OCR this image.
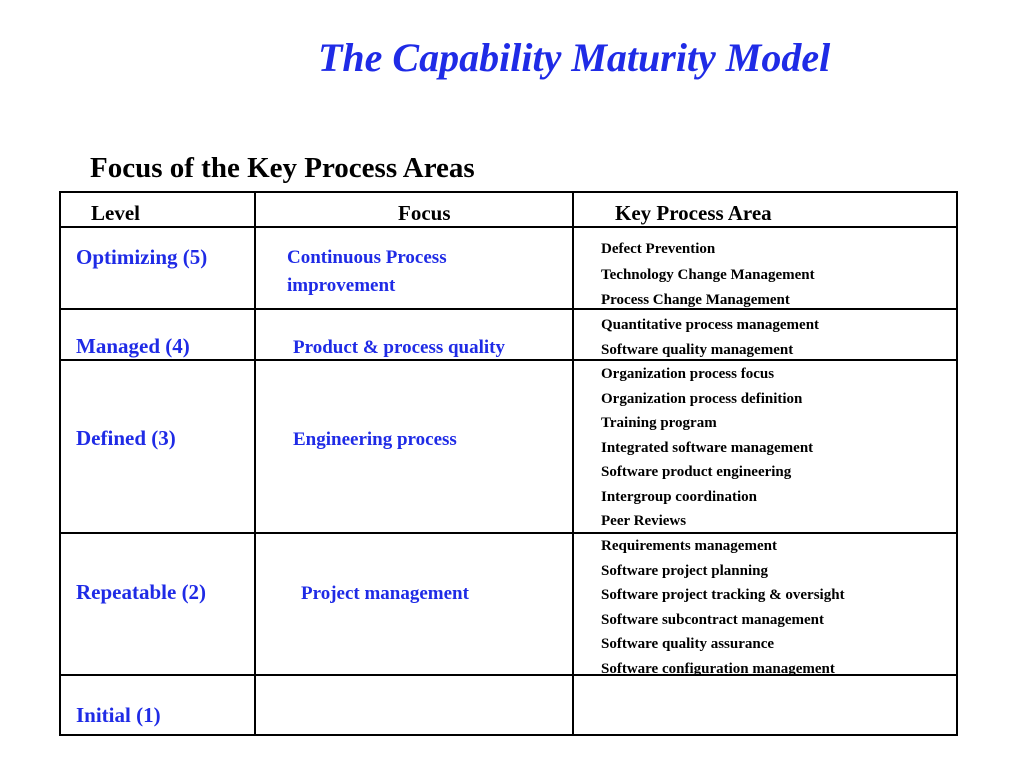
The Capability Maturity Model
Focus of the Key Process Areas
Level	Focus	Key Process Area
Optimizing (5)
Managed (4)
Defined (3)
Repeatable (2)
Initial (1)
Continuous Process improvement
Product & process quality
Engineering process
Project management
Defect Prevention
Technology Change Management
Process Change Management
Quantitative process management
Software quality management
Organization process focus
Organization process definition
Training program
Integrated software management
Software product engineering
Intergroup coordination
Peer Reviews
Requirements management
Software project planning
Software project tracking & oversight
Software subcontract management
Software quality assurance
Software configuration management
